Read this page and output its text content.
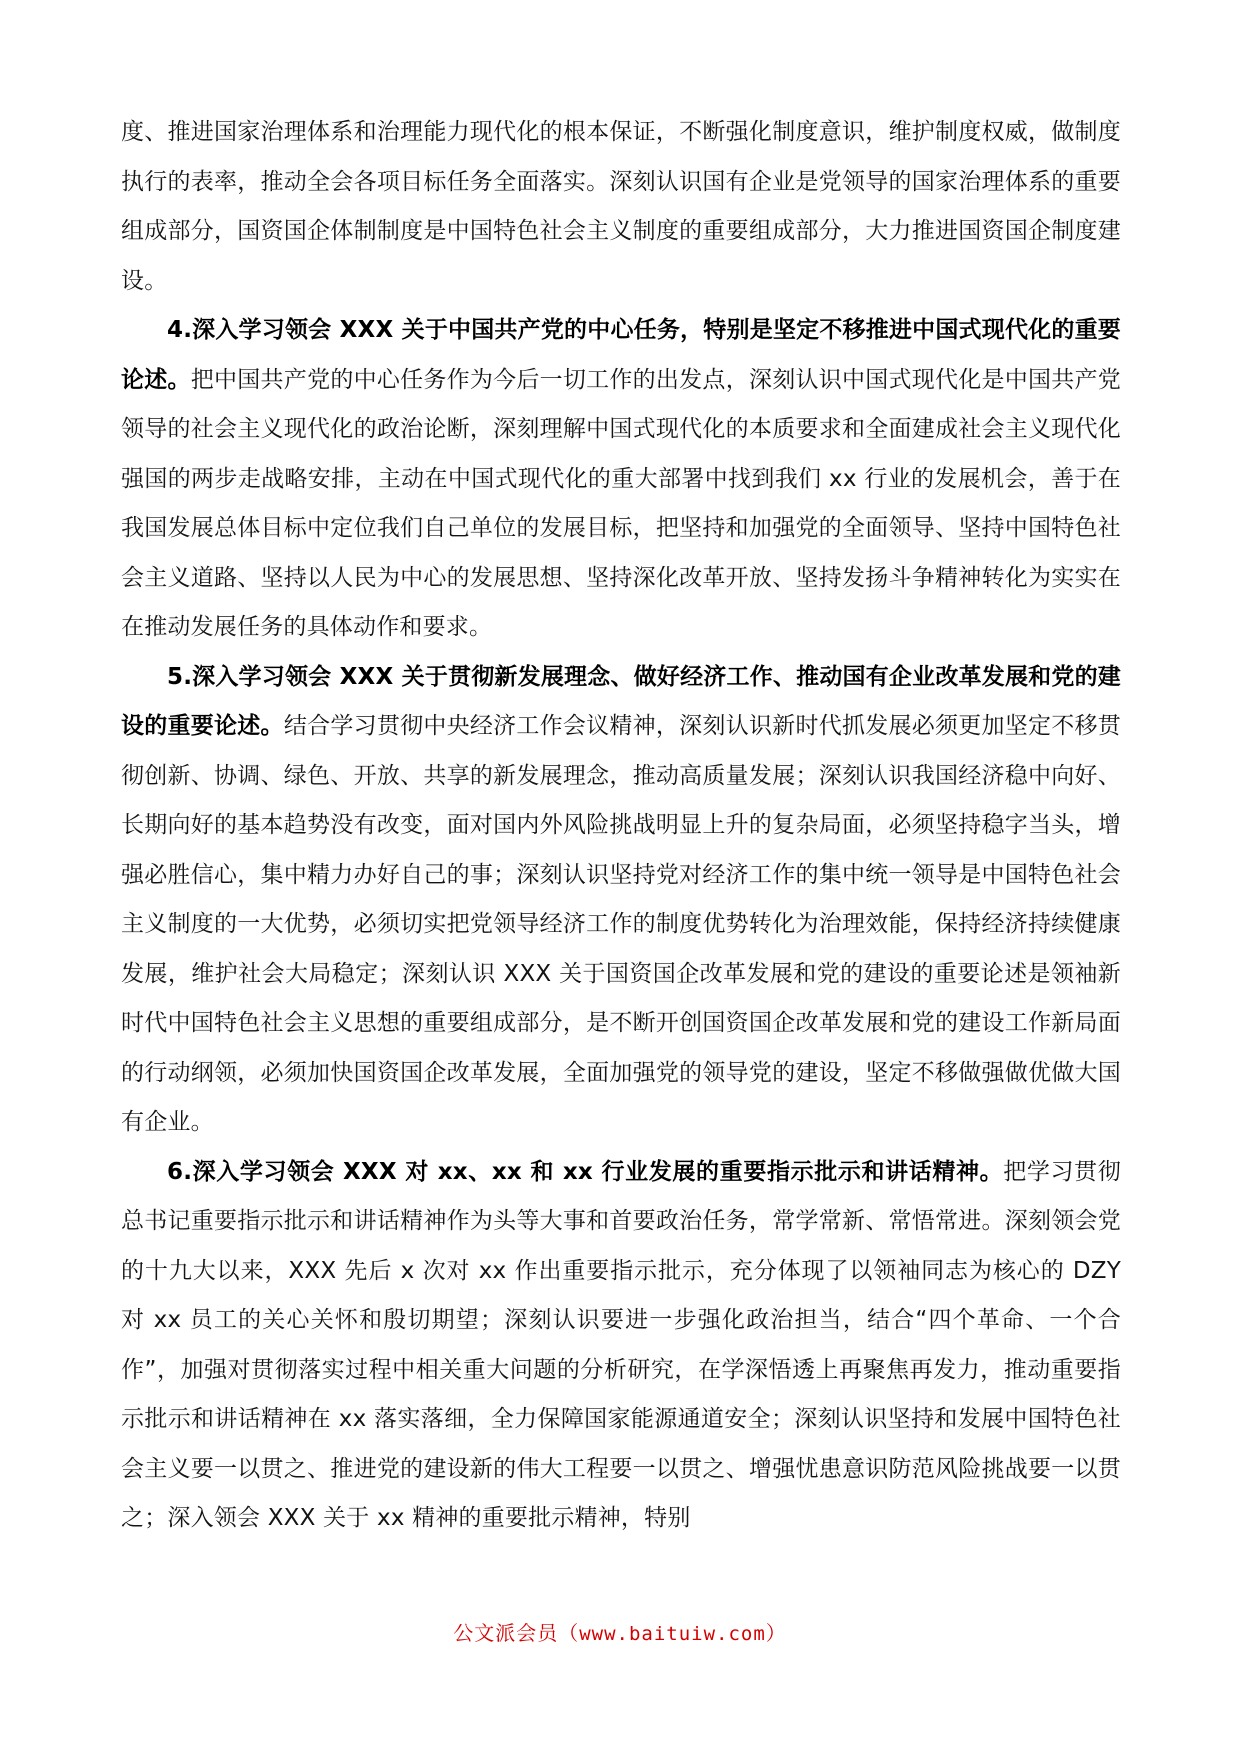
度、推进国家治理体系和治理能力现代化的根本保证，不断强化制度意识，维护制度权威，做制度执行的表率，推动全会各项目标任务全面落实。深刻认识国有企业是党领导的国家治理体系的重要组成部分，国资国企体制制度是中国特色社会主义制度的重要组成部分，大力推进国资国企制度建设。

4.深入学习领会 XXX 关于中国共产党的中心任务，特别是坚定不移推进中国式现代化的重要论述。把中国共产党的中心任务作为今后一切工作的出发点，深刻认识中国式现代化是中国共产党领导的社会主义现代化的政治论断，深刻理解中国式现代化的本质要求和全面建成社会主义现代化强国的两步走战略安排，主动在中国式现代化的重大部署中找到我们 xx 行业的发展机会，善于在我国发展总体目标中定位我们自己单位的发展目标，把坚持和加强党的全面领导、坚持中国特色社会主义道路、坚持以人民为中心的发展思想、坚持深化改革开放、坚持发扬斗争精神转化为实实在在推动发展任务的具体动作和要求。

5.深入学习领会 XXX 关于贯彻新发展理念、做好经济工作、推动国有企业改革发展和党的建设的重要论述。结合学习贯彻中央经济工作会议精神，深刻认识新时代抓发展必须更加坚定不移贯彻创新、协调、绿色、开放、共享的新发展理念，推动高质量发展；深刻认识我国经济稳中向好、长期向好的基本趋势没有改变，面对国内外风险挑战明显上升的复杂局面，必须坚持稳字当头，增强必胜信心，集中精力办好自己的事；深刻认识坚持党对经济工作的集中统一领导是中国特色社会主义制度的一大优势，必须切实把党领导经济工作的制度优势转化为治理效能，保持经济持续健康发展，维护社会大局稳定；深刻认识 XXX 关于国资国企改革发展和党的建设的重要论述是领袖新时代中国特色社会主义思想的重要组成部分，是不断开创国资国企改革发展和党的建设工作新局面的行动纲领，必须加快国资国企改革发展，全面加强党的领导党的建设，坚定不移做强做优做大国有企业。

6.深入学习领会 XXX 对 xx、xx 和 xx 行业发展的重要指示批示和讲话精神。把学习贯彻总书记重要指示批示和讲话精神作为头等大事和首要政治任务，常学常新、常悟常进。深刻领会党的十九大以来，XXX 先后 x 次对 xx 作出重要指示批示，充分体现了以领袖同志为核心的 DZY 对 xx 员工的关心关怀和殷切期望；深刻认识要进一步强化政治担当，结合“四个革命、一个合作”，加强对贯彻落实过程中相关重大问题的分析研究，在学深悟透上再聚焦再发力，推动重要指示批示和讲话精神在 xx 落实落细，全力保障国家能源通道安全；深刻认识坚持和发展中国特色社会主义要一以贯之、推进党的建设新的伟大工程要一以贯之、增强忧患意识防范风险挑战要一以贯之；深入领会 XXX 关于 xx 精神的重要批示精神，特别

公文派会员（www.baituiw.com）
